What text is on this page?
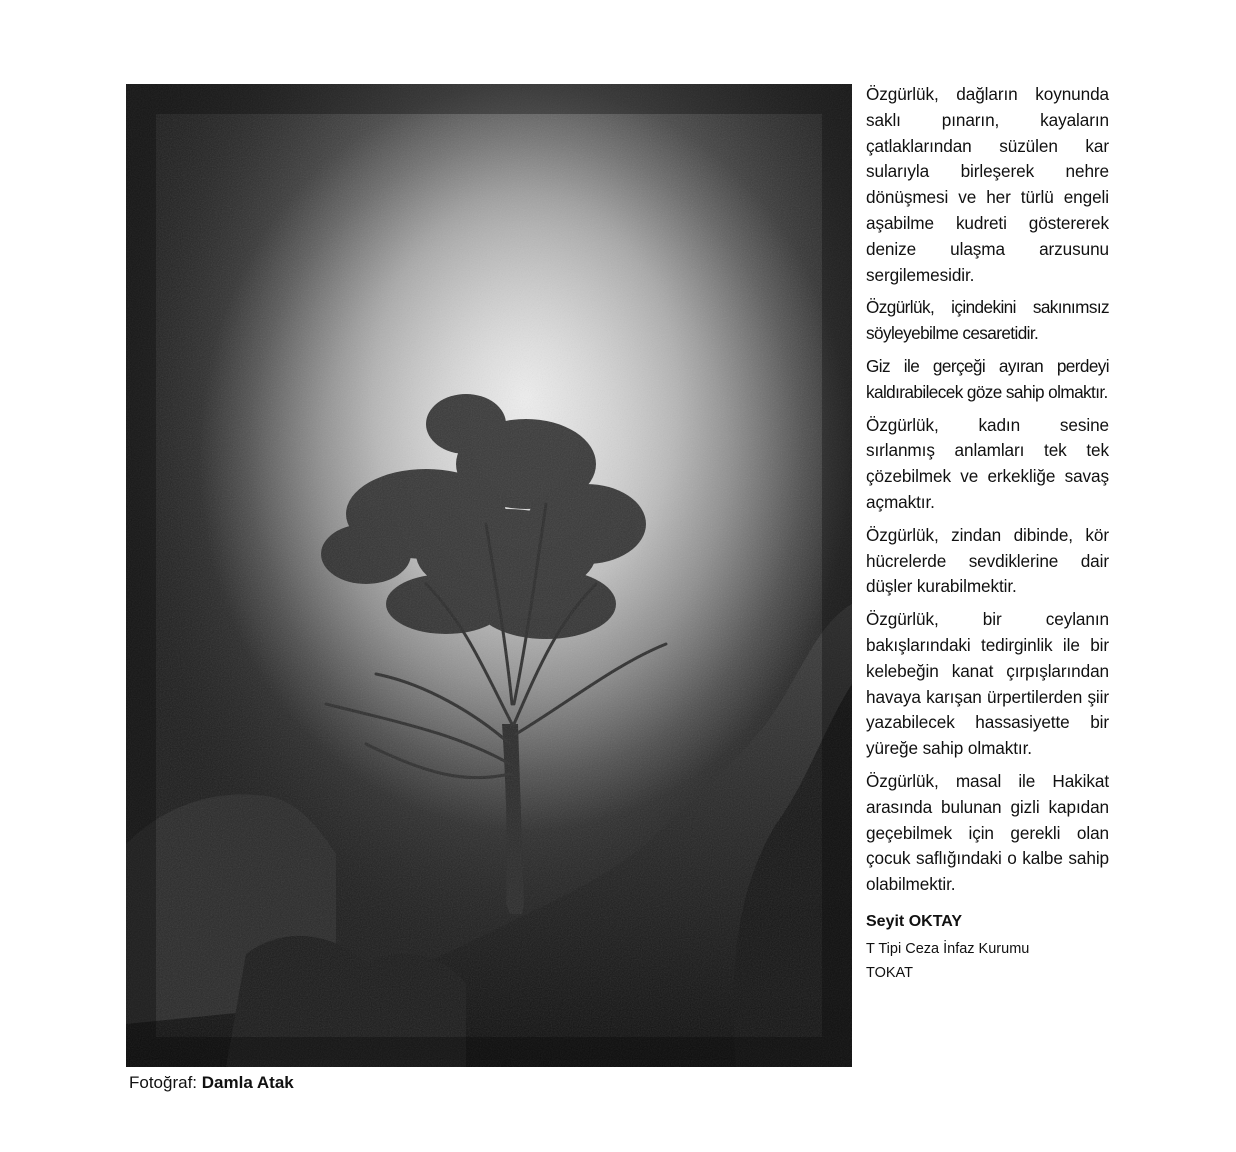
Fotoğraf: Damla Atak

Özgürlük, dağların koynunda saklı pınarın, kayaların çatlaklarından süzülen kar sularıyla birleşerek nehre dönüşmesi ve her türlü engeli aşabilme kudreti göstererek denize ulaşma arzusunu sergilemesidir.

Özgürlük, içindekini sakınımsız söyleyebilme cesaretidir.

Giz ile gerçeği ayıran perdeyi kaldırabilecek göze sahip olmaktır.

Özgürlük, kadın sesine sırlanmış anlamları tek tek çözebilmek ve erkekliğe savaş açmaktır.

Özgürlük, zindan dibinde, kör hücrelerde sevdiklerine dair düşler kurabilmektir.

Özgürlük, bir ceylanın bakışlarındaki tedirginlik ile bir kelebeğin kanat çırpışlarından havaya karışan ürpertilerden şiir yazabilecek hassasiyette bir yüreğe sahip olmaktır.

Özgürlük, masal ile Hakikat arasında bulunan gizli kapıdan geçebilmek için gerekli olan çocuk saflığındaki o kalbe sahip olabilmektir.

Seyit OKTAY
T Tipi Ceza İnfaz Kurumu
TOKAT
